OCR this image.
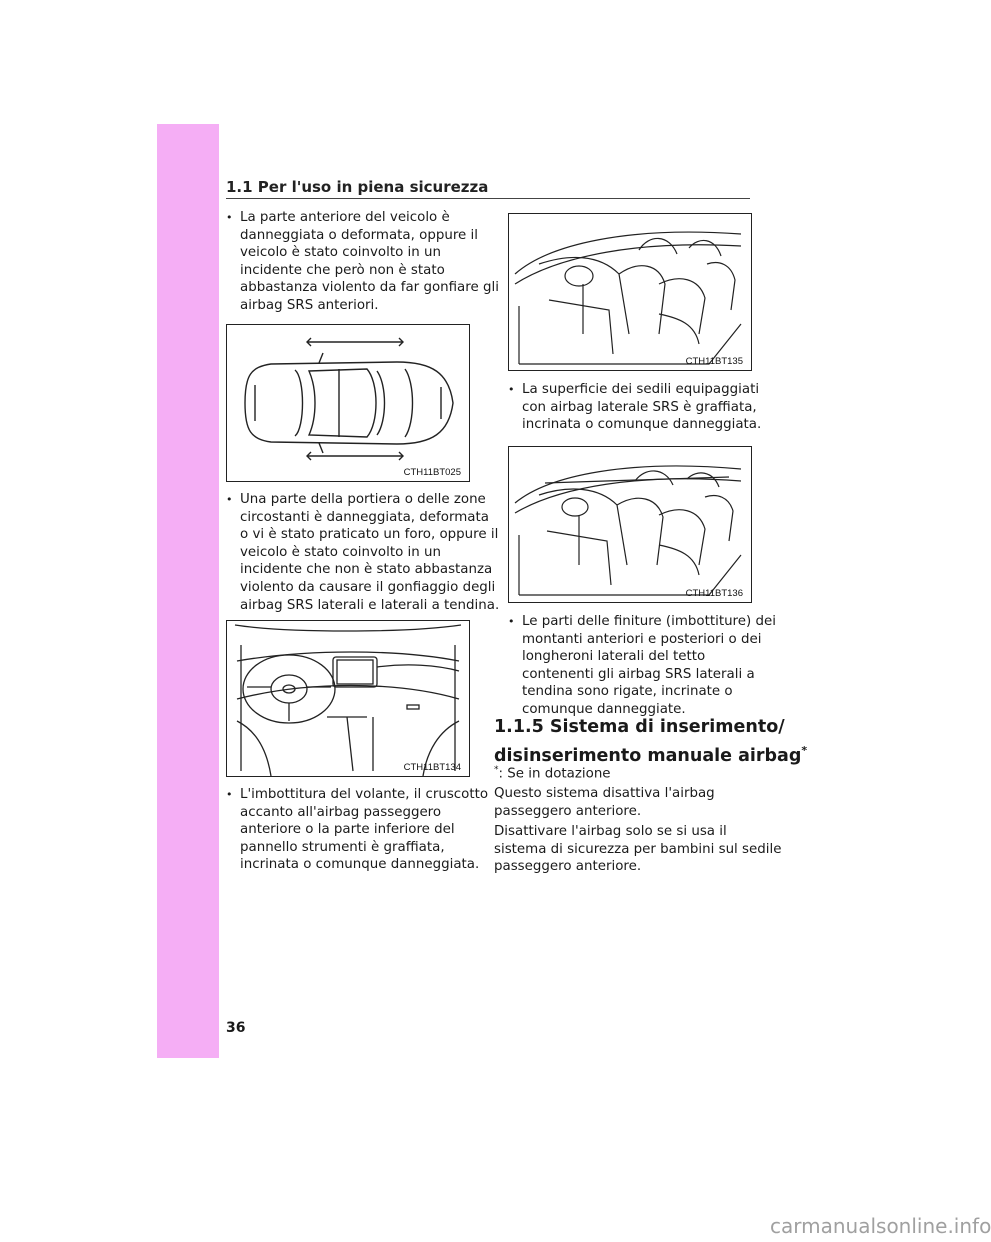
1.1 Per l'uso in piena sicurezza
• La parte anteriore del veicolo è
danneggiata o deformata, oppure il
veicolo è stato coinvolto in un
incidente che però non è stato
abbastanza violento da far gonfiare gli
airbag SRS anteriori.
CTH11BT025
• Una parte della portiera o delle zone
circostanti è danneggiata, deformata
o vi è stato praticato un foro, oppure il
veicolo è stato coinvolto in un
incidente che non è stato abbastanza
violento da causare il gonfiaggio degli
airbag SRS laterali e laterali a tendina.
CTH11BT134
• L'imbottitura del volante, il cruscotto
accanto all'airbag passeggero
anteriore o la parte inferiore del
pannello strumenti è graffiata,
incrinata o comunque danneggiata.
CTH11BT135
• La superficie dei sedili equipaggiati
con airbag laterale SRS è graffiata,
incrinata o comunque danneggiata.
CTH11BT136
• Le parti delle finiture (imbottiture) dei
montanti anteriori e posteriori o dei
longheroni laterali del tetto
contenenti gli airbag SRS laterali a
tendina sono rigate, incrinate o
comunque danneggiate.
1.1.5 Sistema di inserimento/
disinserimento manuale airbag*
*: Se in dotazione
Questo sistema disattiva l'airbag
passeggero anteriore.
Disattivare l'airbag solo se si usa il
sistema di sicurezza per bambini sul sedile
passeggero anteriore.
36
carmanualsonline.info
